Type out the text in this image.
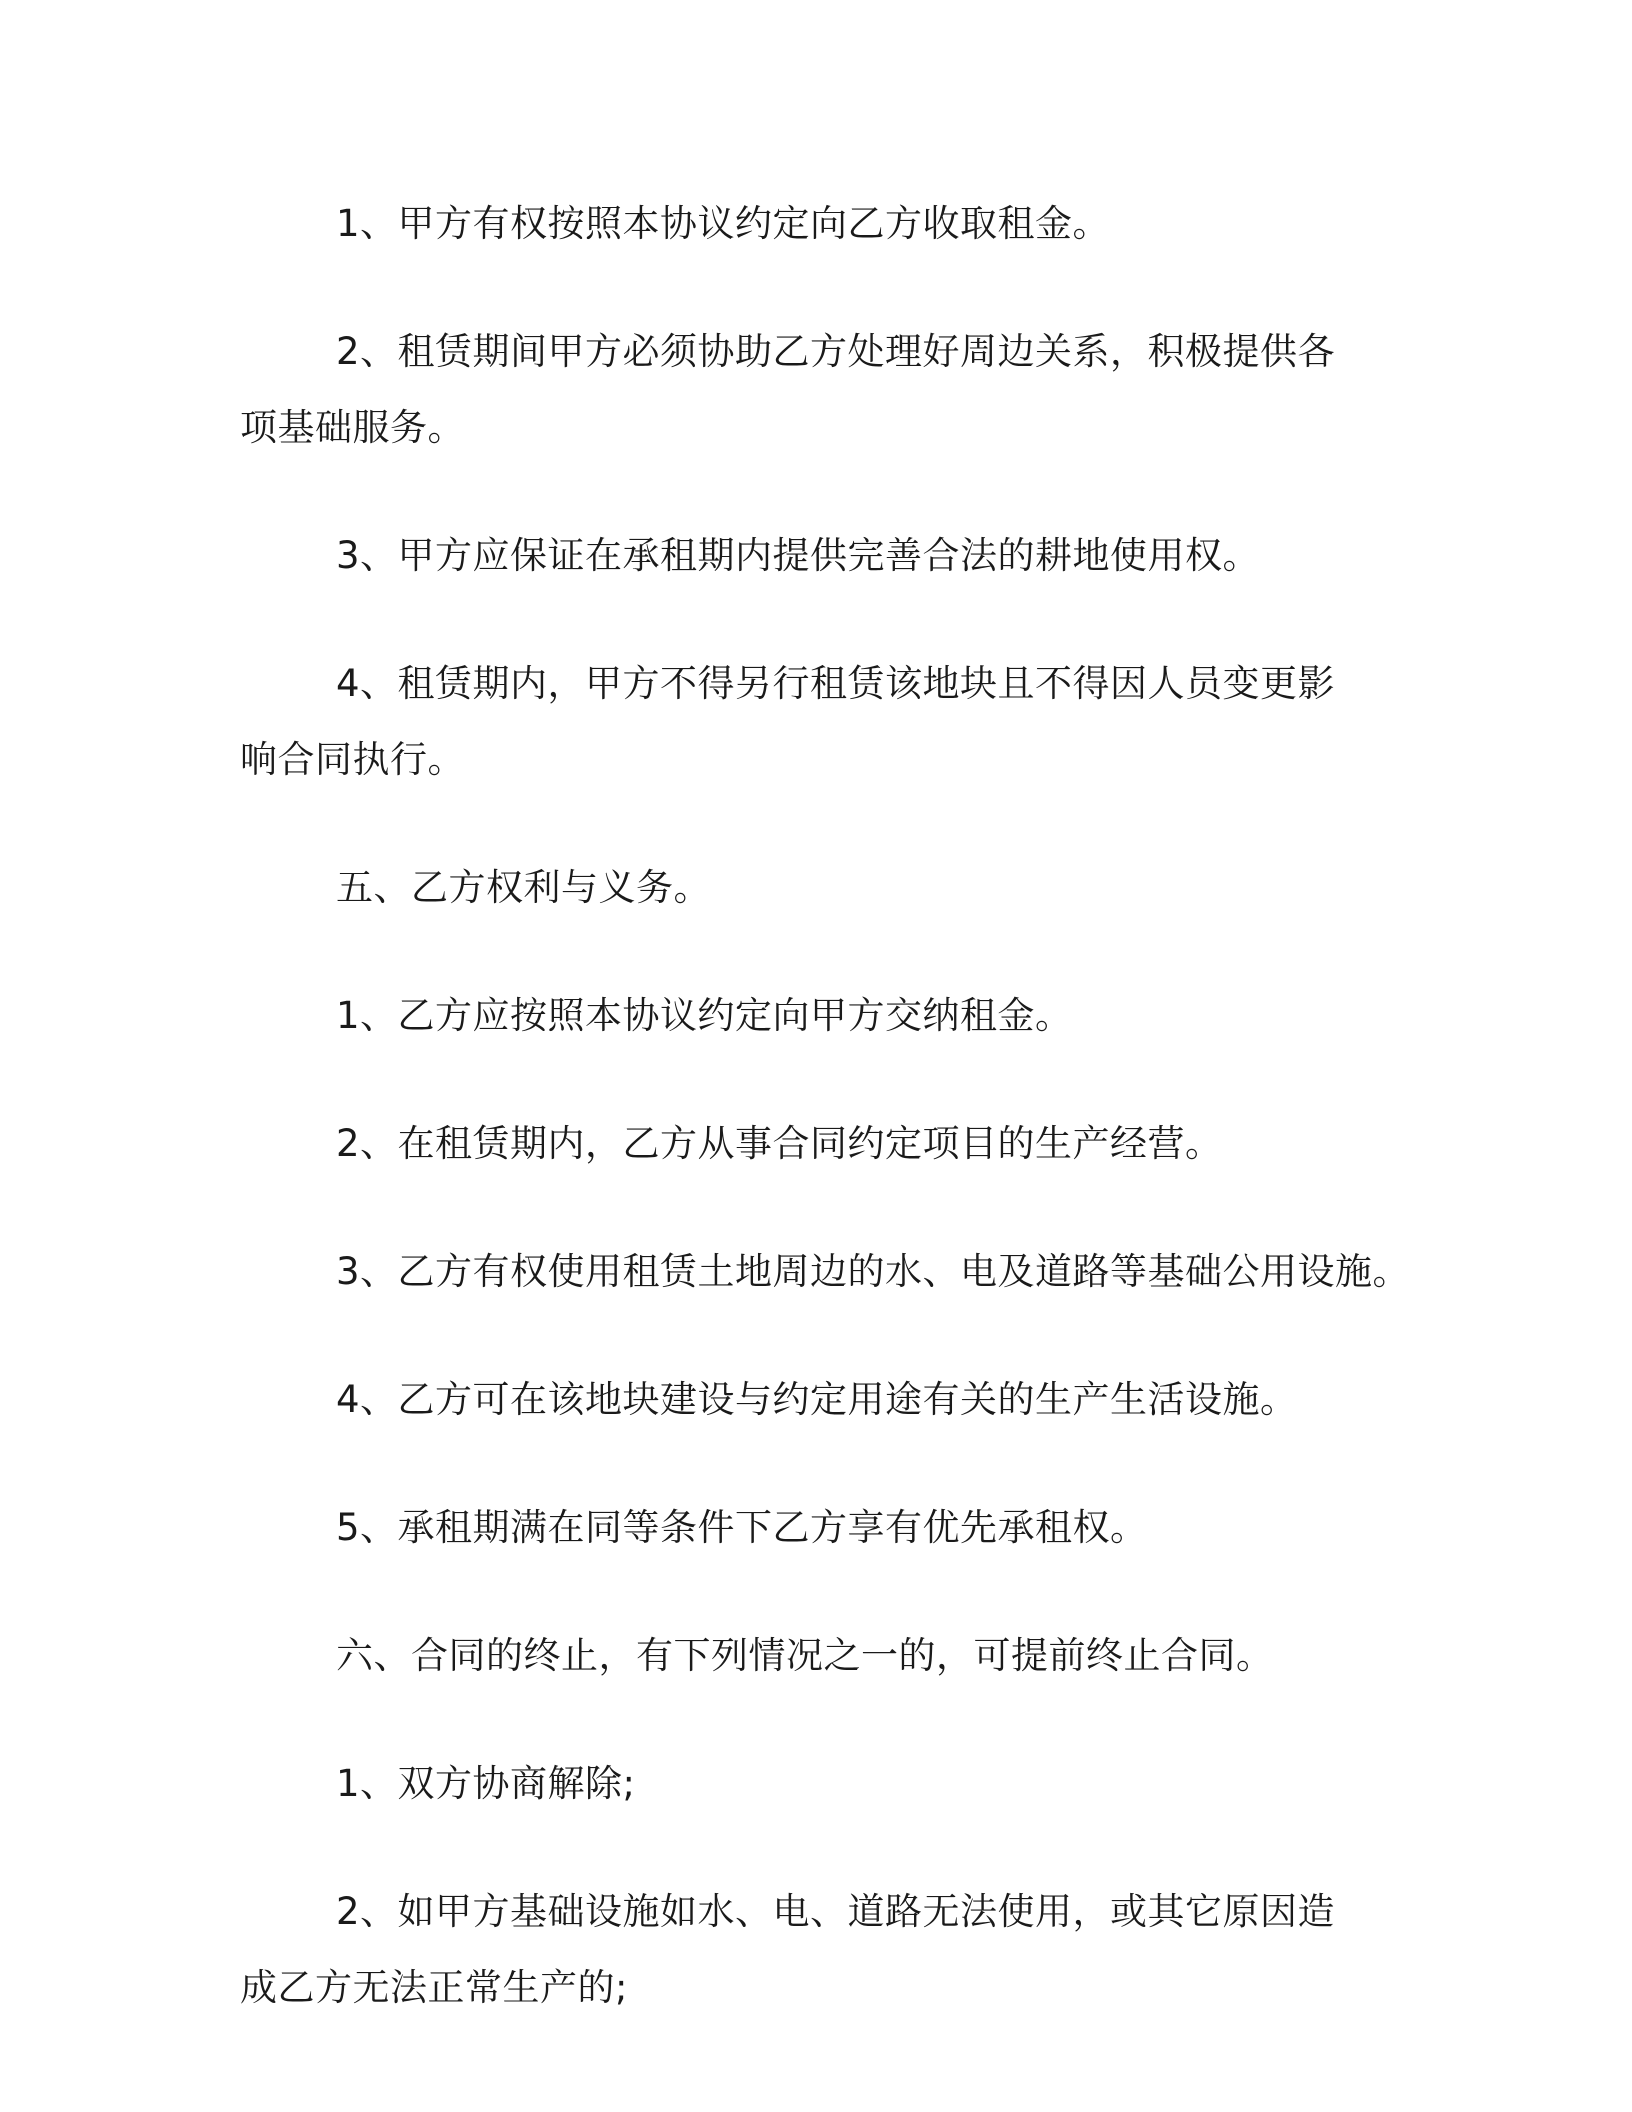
1、甲方有权按照本协议约定向乙方收取租金。

2、租赁期间甲方必须协助乙方处理好周边关系，积极提供各项基础服务。

3、甲方应保证在承租期内提供完善合法的耕地使用权。

4、租赁期内，甲方不得另行租赁该地块且不得因人员变更影响合同执行。

五、乙方权利与义务。

1、乙方应按照本协议约定向甲方交纳租金。

2、在租赁期内，乙方从事合同约定项目的生产经营。

3、乙方有权使用租赁土地周边的水、电及道路等基础公用设施。

4、乙方可在该地块建设与约定用途有关的生产生活设施。

5、承租期满在同等条件下乙方享有优先承租权。

六、合同的终止，有下列情况之一的，可提前终止合同。

1、双方协商解除;

2、如甲方基础设施如水、电、道路无法使用，或其它原因造成乙方无法正常生产的;
